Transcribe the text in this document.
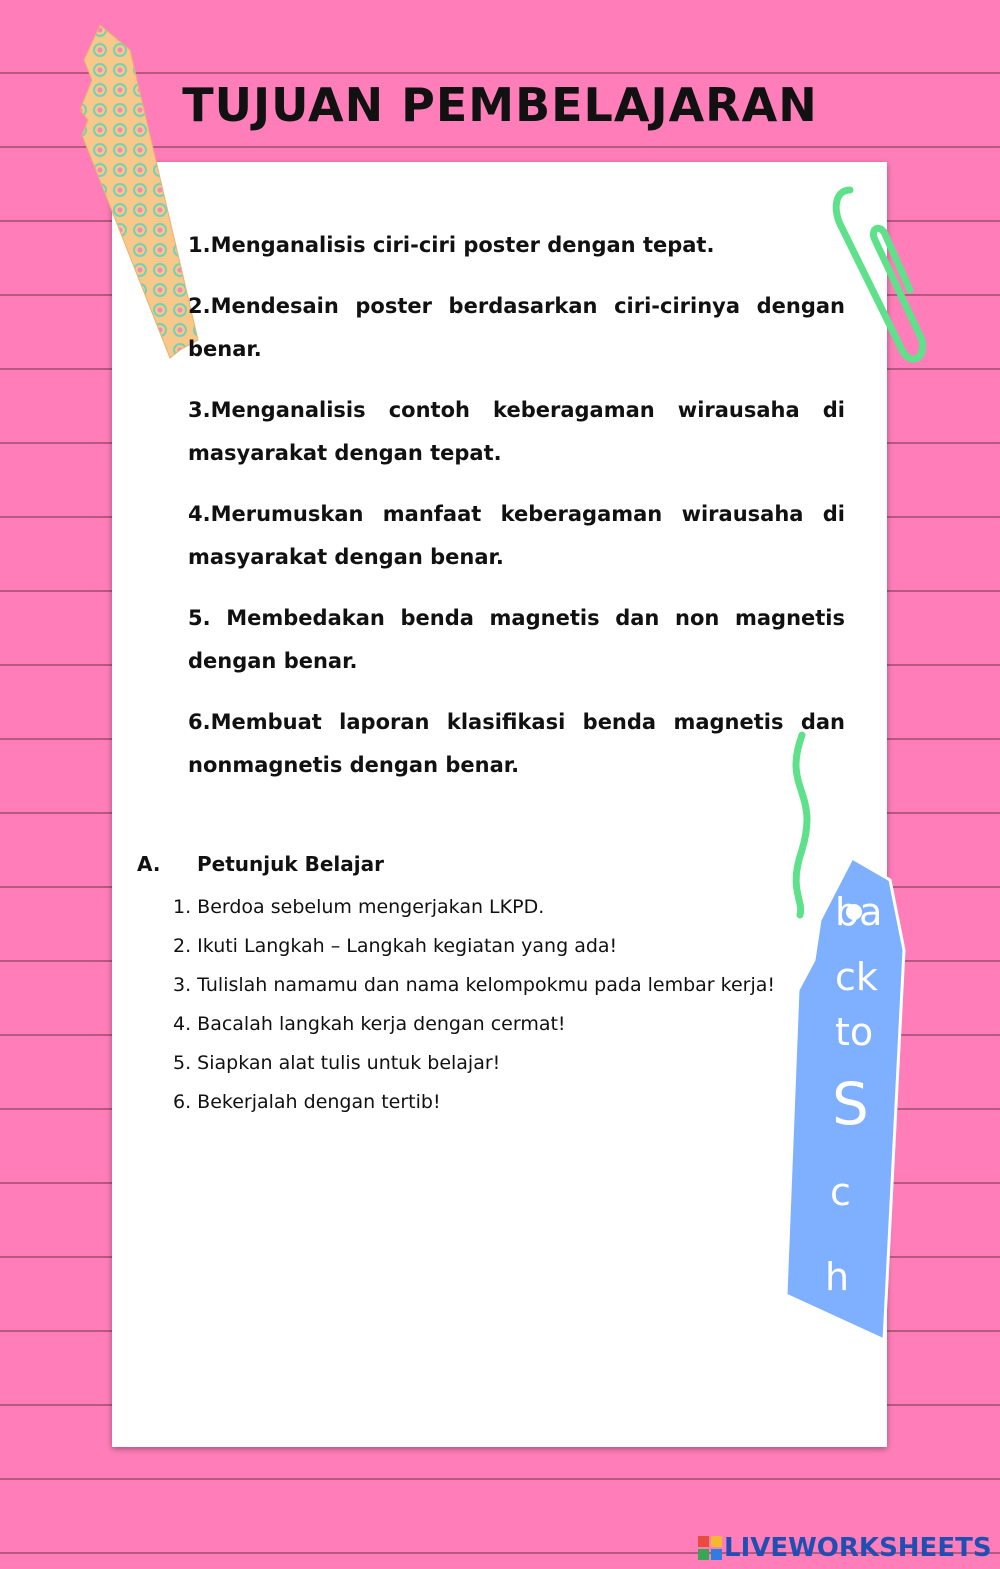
TUJUAN PEMBELAJARAN
1.Menganalisis ciri-ciri poster dengan tepat.
2.Mendesain poster berdasarkan ciri-cirinya dengan benar.
3.Menganalisis contoh keberagaman wirausaha di masyarakat dengan tepat.
4.Merumuskan manfaat keberagaman wirausaha di masyarakat dengan benar.
5. Membedakan benda magnetis dan non magnetis dengan benar.
6.Membuat laporan klasifikasi benda magnetis dan nonmagnetis dengan benar.
A. Petunjuk Belajar
1. Berdoa sebelum mengerjakan LKPD.
2. Ikuti Langkah – Langkah kegiatan yang ada!
3. Tulislah namamu dan nama kelompokmu pada lembar kerja!
4. Bacalah langkah kerja dengan cermat!
5. Siapkan alat tulis untuk belajar!
6. Bekerjalah dengan tertib!
ba
ck
to
S
c
h
LIVEWORKSHEETS
